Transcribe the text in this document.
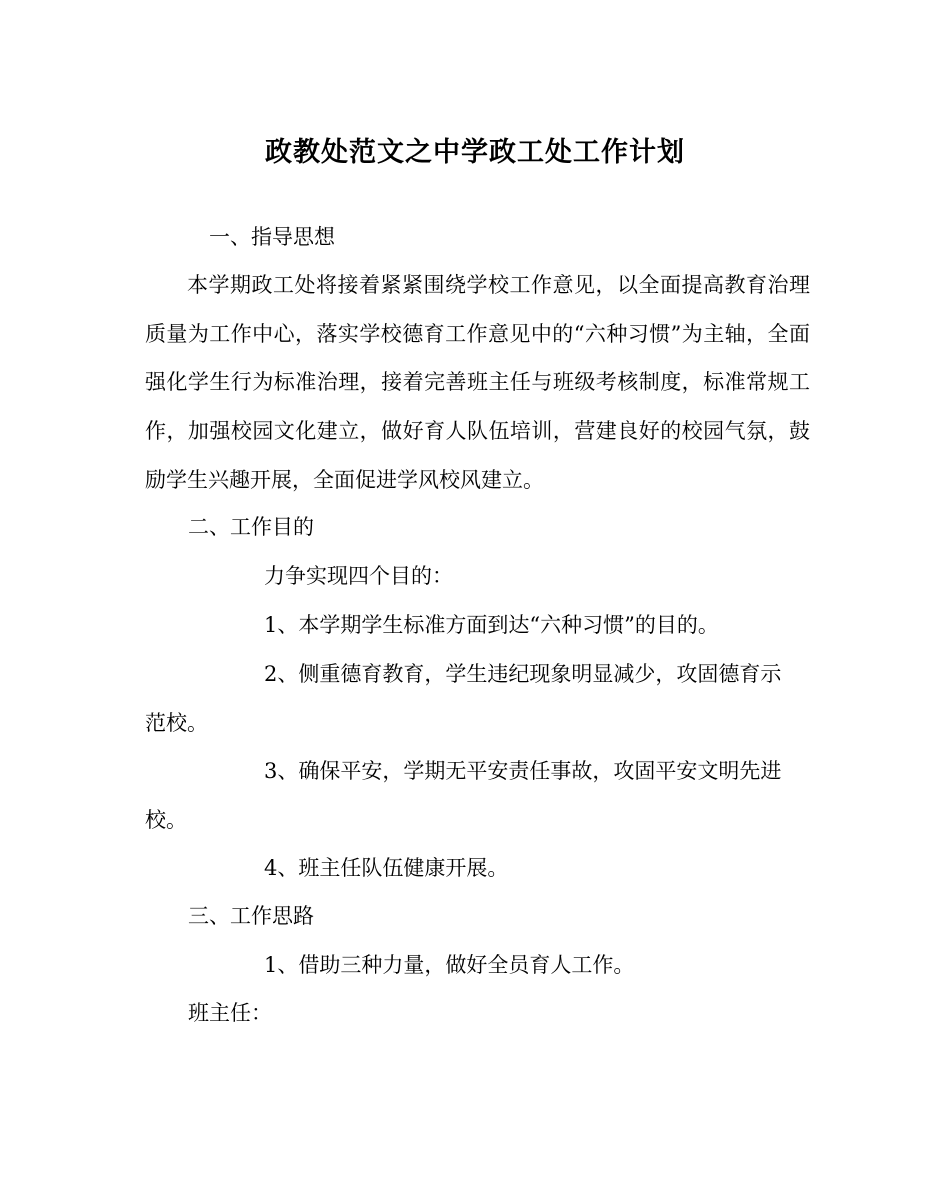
政教处范文之中学政工处工作计划
一、指导思想
本学期政工处将接着紧紧围绕学校工作意见，以全面提高教育治理质量为工作中心，落实学校德育工作意见中的“六种习惯”为主轴，全面强化学生行为标准治理，接着完善班主任与班级考核制度，标准常规工作，加强校园文化建立，做好育人队伍培训，营建良好的校园气氛，鼓励学生兴趣开展，全面促进学风校风建立。
二、工作目的
力争实现四个目的：
1、本学期学生标准方面到达“六种习惯”的目的。
2、侧重德育教育，学生违纪现象明显减少，攻固德育示
范校。
3、确保平安，学期无平安责任事故，攻固平安文明先进
校。
4、班主任队伍健康开展。
三、工作思路
1、借助三种力量，做好全员育人工作。
班主任：
